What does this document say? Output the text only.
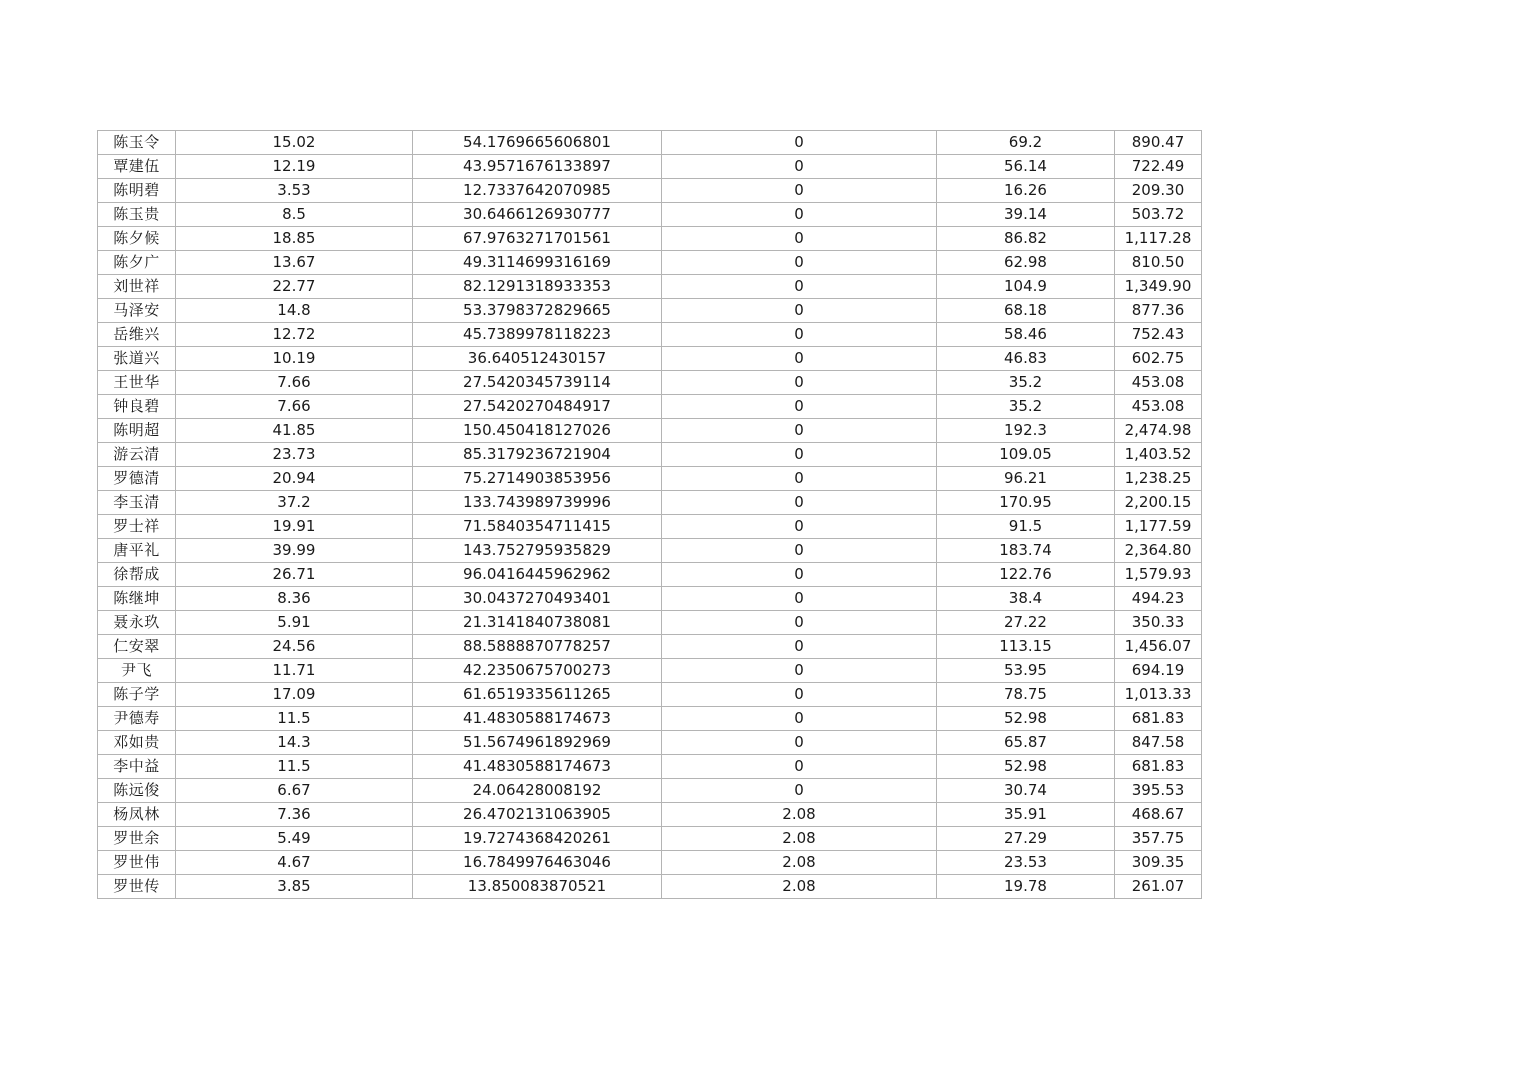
陈玉令	15.02	54.1769665606801	0	69.2	890.47
覃建伍	12.19	43.9571676133897	0	56.14	722.49
陈明碧	3.53	12.7337642070985	0	16.26	209.30
陈玉贵	8.5	30.6466126930777	0	39.14	503.72
陈夕候	18.85	67.9763271701561	0	86.82	1,117.28
陈夕广	13.67	49.3114699316169	0	62.98	810.50
刘世祥	22.77	82.1291318933353	0	104.9	1,349.90
马泽安	14.8	53.3798372829665	0	68.18	877.36
岳维兴	12.72	45.7389978118223	0	58.46	752.43
张道兴	10.19	36.640512430157	0	46.83	602.75
王世华	7.66	27.5420345739114	0	35.2	453.08
钟良碧	7.66	27.5420270484917	0	35.2	453.08
陈明超	41.85	150.450418127026	0	192.3	2,474.98
游云清	23.73	85.3179236721904	0	109.05	1,403.52
罗德清	20.94	75.2714903853956	0	96.21	1,238.25
李玉清	37.2	133.743989739996	0	170.95	2,200.15
罗士祥	19.91	71.5840354711415	0	91.5	1,177.59
唐平礼	39.99	143.752795935829	0	183.74	2,364.80
徐帮成	26.71	96.0416445962962	0	122.76	1,579.93
陈继坤	8.36	30.0437270493401	0	38.4	494.23
聂永玖	5.91	21.3141840738081	0	27.22	350.33
仁安翠	24.56	88.5888870778257	0	113.15	1,456.07
尹飞	11.71	42.2350675700273	0	53.95	694.19
陈子学	17.09	61.6519335611265	0	78.75	1,013.33
尹德寿	11.5	41.4830588174673	0	52.98	681.83
邓如贵	14.3	51.5674961892969	0	65.87	847.58
李中益	11.5	41.4830588174673	0	52.98	681.83
陈远俊	6.67	24.06428008192	0	30.74	395.53
杨凤林	7.36	26.4702131063905	2.08	35.91	468.67
罗世余	5.49	19.7274368420261	2.08	27.29	357.75
罗世伟	4.67	16.7849976463046	2.08	23.53	309.35
罗世传	3.85	13.850083870521	2.08	19.78	261.07
